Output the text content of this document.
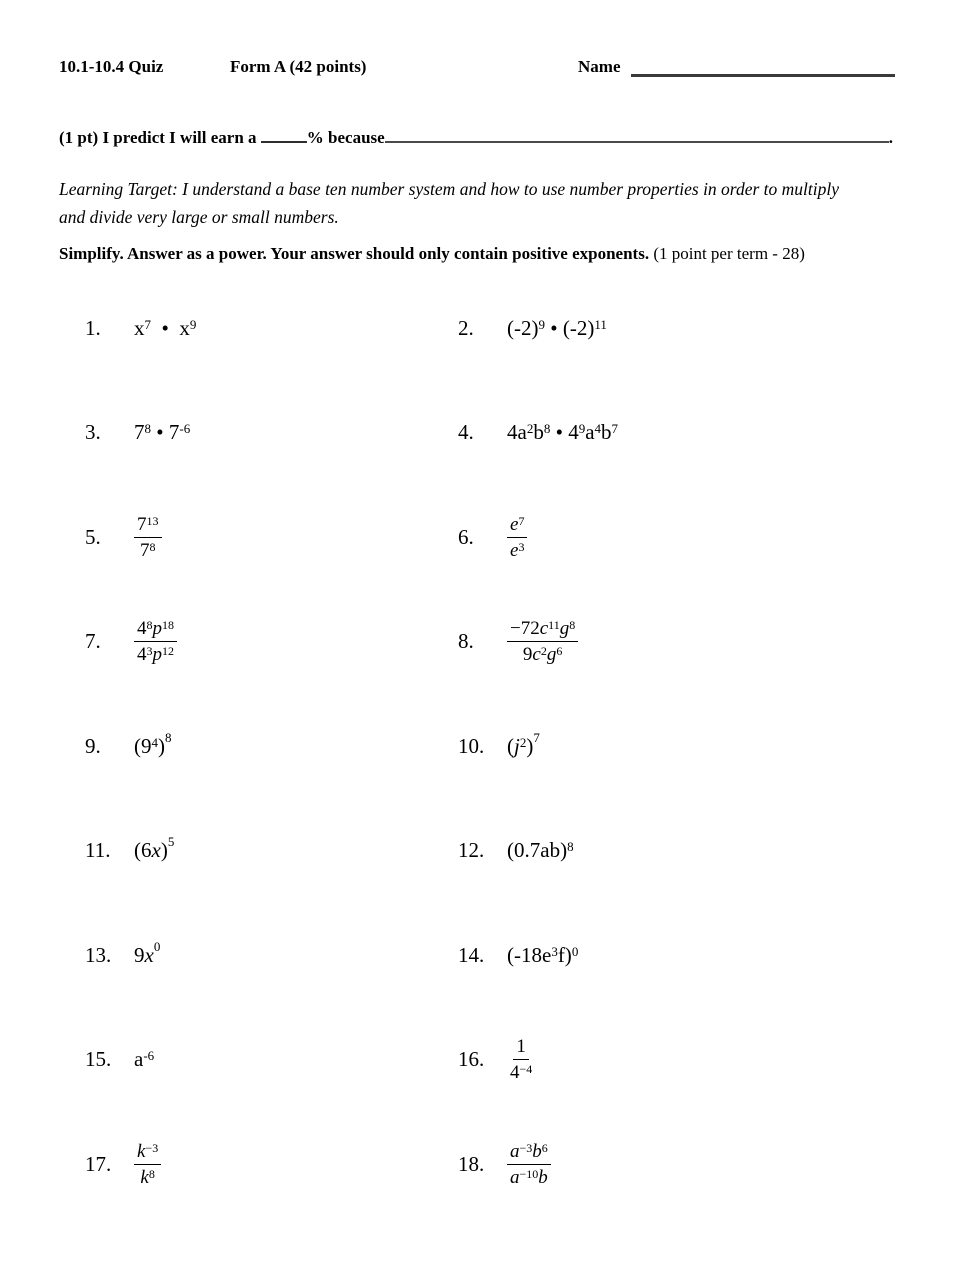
10.1-10.4 Quiz	Form A (42 points)	Name
(1 pt) I predict I will earn a	% because	.
Learning Target: I understand a base ten number system and how to use number properties in order to multiply
and divide very large or small numbers.
Simplify. Answer as a power. Your answer should only contain positive exponents. (1 point per term - 28)
1.	$x^7$  •  $x^9$	2.	$(-2)^9$ • $(-2)^{11}$
3.	$7^8$ • $7^{-6}$	4.	$4a^2b^8$ • $4^9a^4b^7$
5.	$\frac{7^{13}}{7^8}$	6.	$\frac{e^7}{e^3}$
7.	$\frac{4^8p^{18}}{4^3p^{12}}$	8.	$\frac{-72c^{11}g^8}{9c^2g^6}$
9.	$(9^4)^8$	10.	$(j^2)^7$
11.	$(6x)^5$	12.	$(0.7ab)^8$
13.	$9x^0$	14.	$(-18e^3f)^0$
15.	$a^{-6}$	16.	$\frac{1}{4^{-4}}$
17.	$\frac{k^{-3}}{k^8}$	18.	$\frac{a^{-3}b^6}{a^{-10}b}$
